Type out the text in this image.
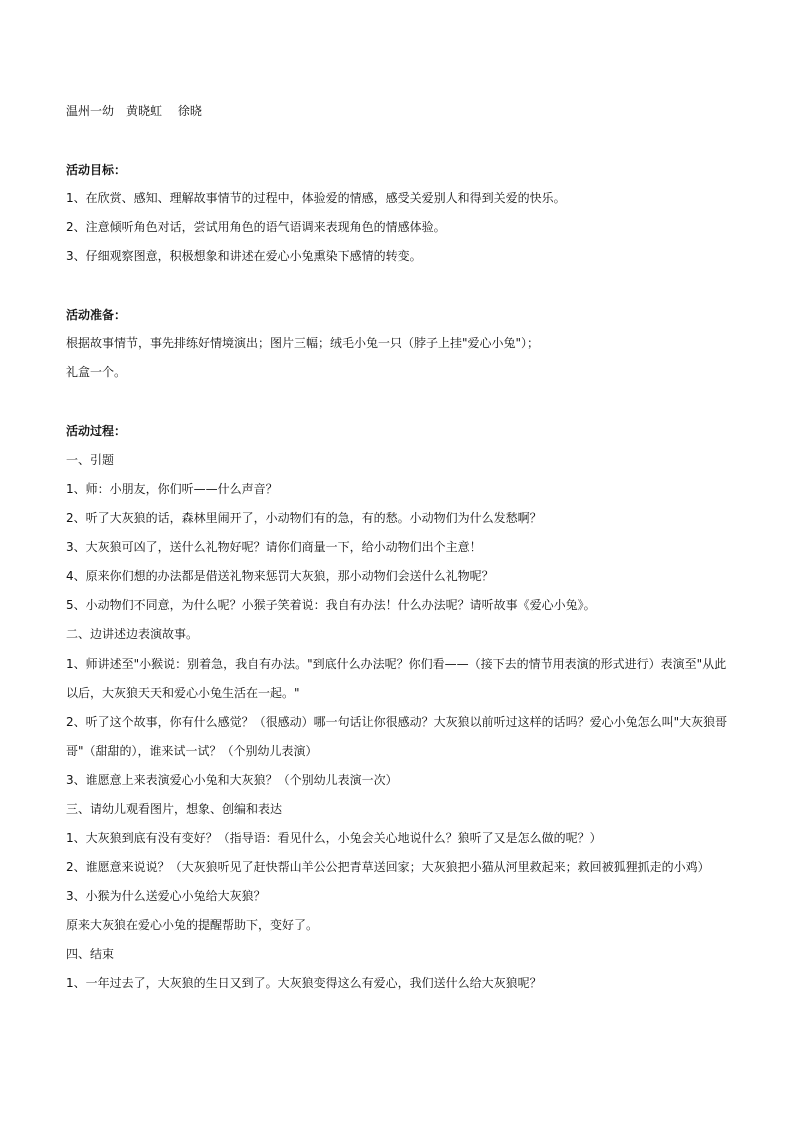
温州一幼　黄晓虹　 徐晓
活动目标：
1、在欣赏、感知、理解故事情节的过程中，体验爱的情感，感受关爱别人和得到关爱的快乐。
2、注意倾听角色对话，尝试用角色的语气语调来表现角色的情感体验。
3、仔细观察图意，积极想象和讲述在爱心小兔熏染下感情的转变。
活动准备：
根据故事情节，事先排练好情境演出；图片三幅；绒毛小兔一只（脖子上挂"爱心小兔"）；
礼盒一个。
活动过程：
一、引题
1、师：小朋友，你们听——什么声音？
2、听了大灰狼的话，森林里闹开了，小动物们有的急，有的愁。小动物们为什么发愁啊？
3、大灰狼可凶了，送什么礼物好呢？请你们商量一下，给小动物们出个主意！
4、原来你们想的办法都是借送礼物来惩罚大灰狼，那小动物们会送什么礼物呢？
5、小动物们不同意，为什么呢？小猴子笑着说：我自有办法！什么办法呢？请听故事《爱心小兔》。
二、边讲述边表演故事。
1、师讲述至"小猴说：别着急，我自有办法。"到底什么办法呢？你们看——（接下去的情节用表演的形式进行）表演至"从此
以后，大灰狼天天和爱心小兔生活在一起。"
2、听了这个故事，你有什么感觉？（很感动）哪一句话让你很感动？大灰狼以前听过这样的话吗？爱心小兔怎么叫"大灰狼哥
哥"（甜甜的），谁来试一试？（个别幼儿表演）
3、谁愿意上来表演爱心小兔和大灰狼？（个别幼儿表演一次）
三、请幼儿观看图片，想象、创编和表达
1、大灰狼到底有没有变好？（指导语：看见什么，小兔会关心地说什么？狼听了又是怎么做的呢？）
2、谁愿意来说说？（大灰狼听见了赶快帮山羊公公把青草送回家；大灰狼把小猫从河里救起来；救回被狐狸抓走的小鸡）
3、小猴为什么送爱心小兔给大灰狼？
原来大灰狼在爱心小兔的提醒帮助下，变好了。
四、结束
1、一年过去了，大灰狼的生日又到了。大灰狼变得这么有爱心，我们送什么给大灰狼呢？
